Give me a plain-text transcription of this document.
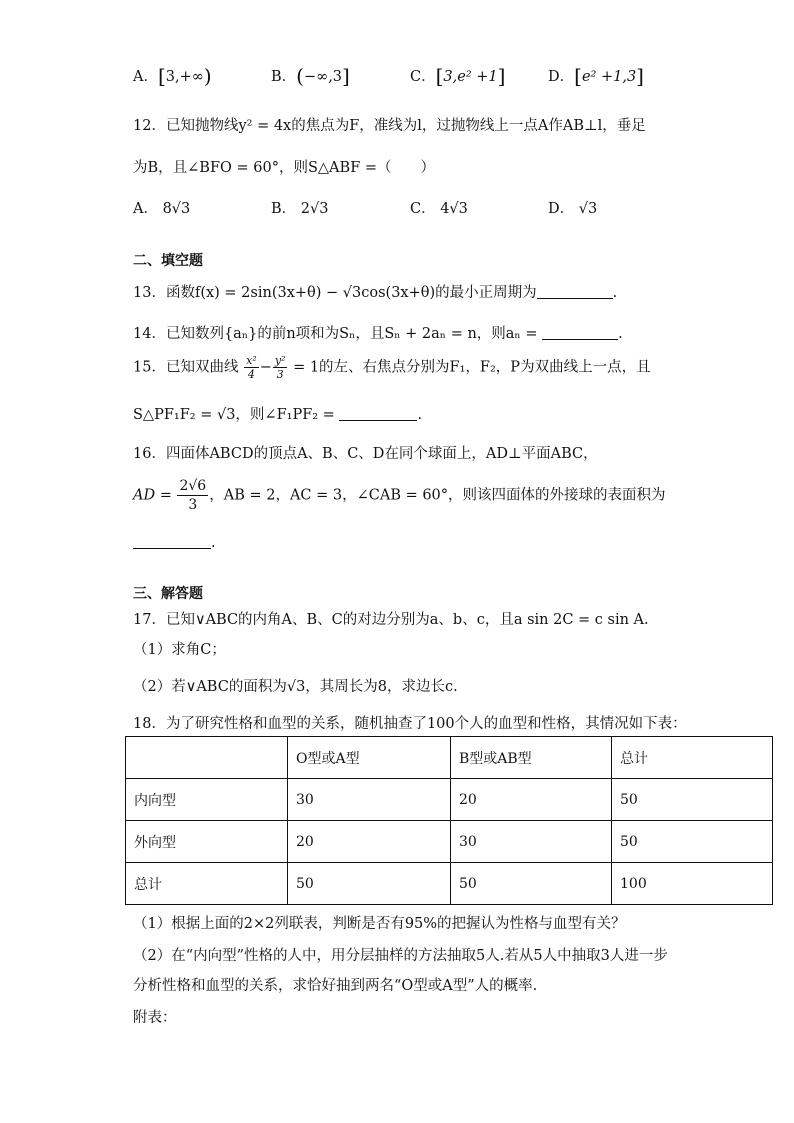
A．[3,+∞)	B．(−∞,3]	C．[3,e² +1]	D．[e² +1,3]
12．已知抛物线y² = 4x的焦点为F，准线为l，过抛物线上一点A作AB⊥l，垂足
为B，且∠BFO = 60°，则S△ABF =（　　）
A． 8√3	B． 2√3	C． 4√3	D． √3
二、填空题
13．函数f(x) = 2sin(3x+θ) − √3cos(3x+θ)的最小正周期为	.
14．已知数列{aₙ}的前n项和为Sₙ，且Sₙ + 2aₙ = n，则aₙ =	.
15．已知双曲线 $\frac{\text{x²}}{4} - \frac{\text{y²}}{3} = 1$的左、右焦点分别为F₁，F₂，P为双曲线上一点，且
S△PF₁F₂ = √3，则∠F₁PF₂ =	.
16．四面体ABCD的顶点A、B、C、D在同个球面上，AD⊥平面ABC，
AD = $\frac{2√6}{3}$ ，AB = 2，AC = 3，∠CAB = 60°，则该四面体的外接球的表面积为
.
三、解答题
17．已知∨ABC的内角A、B、C的对边分别为a、b、c，且a sin 2C = c sin A.
（1）求角C；
（2）若∨ABC的面积为√3，其周长为8，求边长c.
18．为了研究性格和血型的关系，随机抽查了100个人的血型和性格，其情况如下表：
	O型或A型	B型或AB型	总计
内向型	30	20	50
外向型	20	30	50
总计	50	50	100
（1）根据上面的2×2列联表，判断是否有95%的把握认为性格与血型有关？
（2）在“内向型”性格的人中，用分层抽样的方法抽取5人.若从5人中抽取3人进一步
分析性格和血型的关系，求恰好抽到两名“O型或A型”人的概率.
附表：
